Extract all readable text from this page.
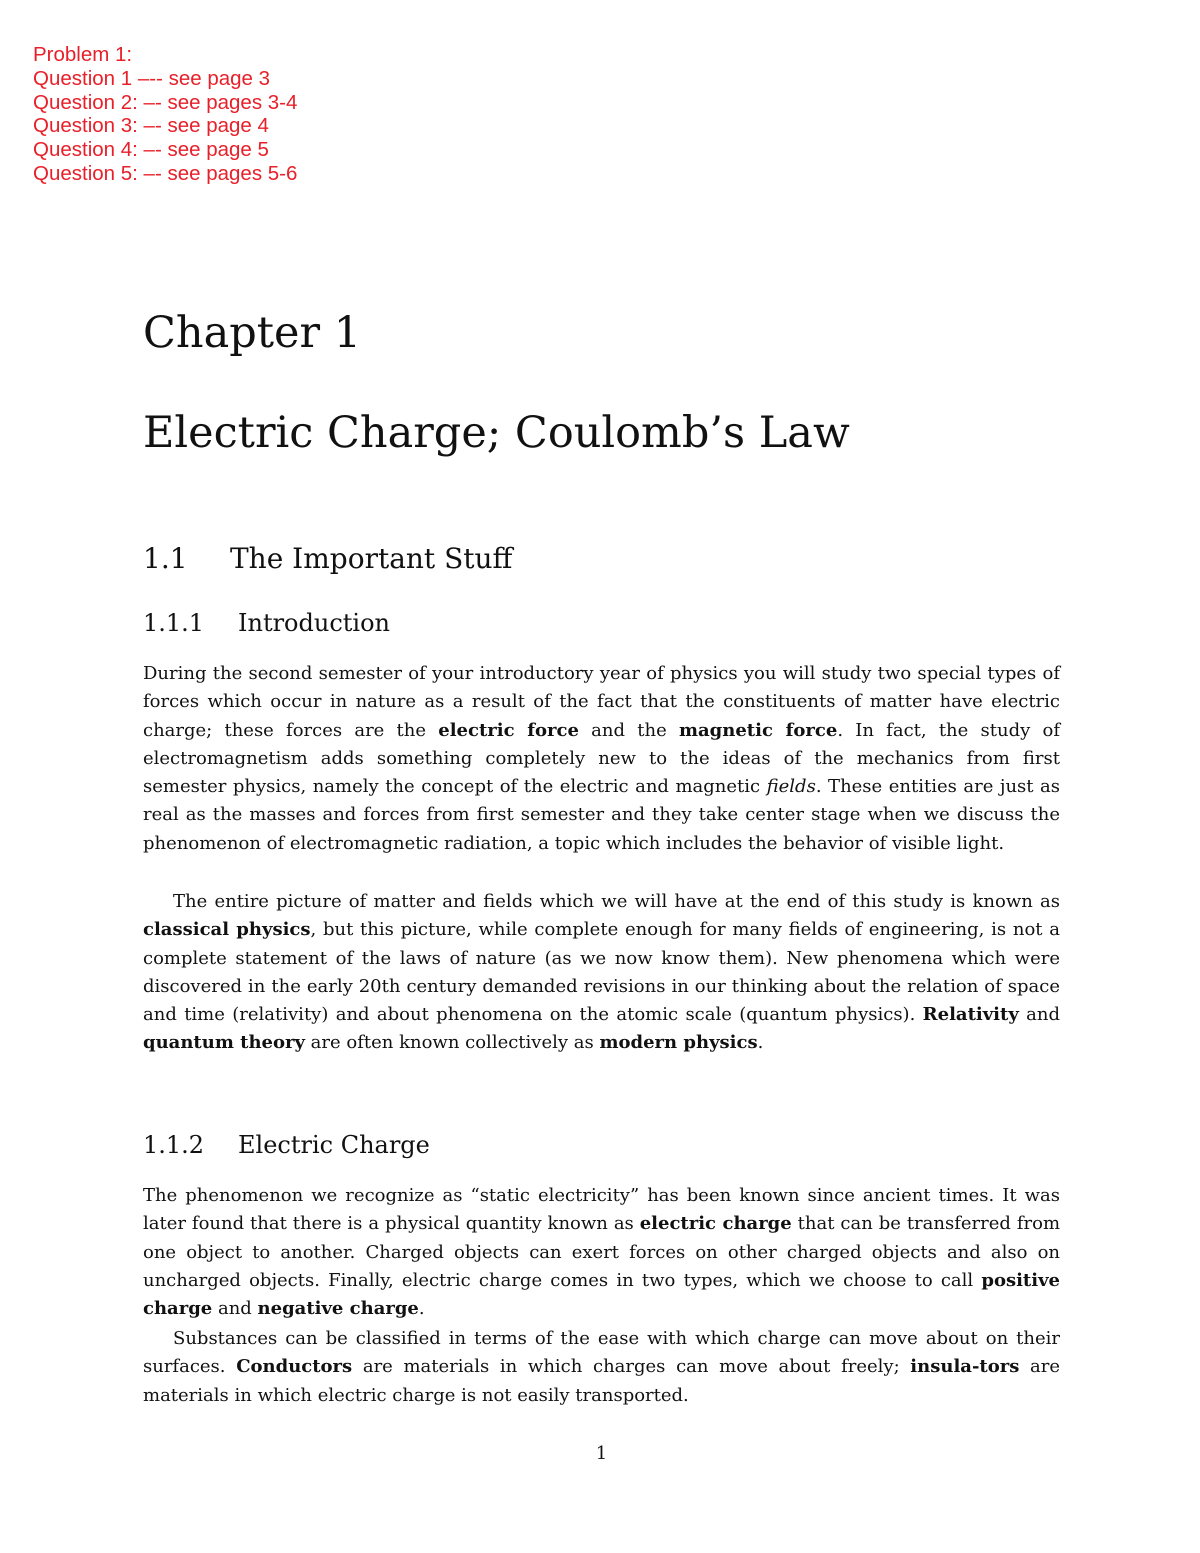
Problem 1:
Question 1 –-- see page 3
Question 2: –- see pages 3-4
Question 3: –- see page 4
Question 4: –- see page 5
Question 5: –- see pages 5-6
Chapter 1
Electric Charge; Coulomb’s Law
1.1 The Important Stuff
1.1.1 Introduction

During the second semester of your introductory year of physics you will study two special types of forces which occur in nature as a result of the fact that the constituents of matter have electric charge; these forces are the electric force and the magnetic force. In fact, the study of electromagnetism adds something completely new to the ideas of the mechanics from first semester physics, namely the concept of the electric and magnetic fields. These entities are just as real as the masses and forces from first semester and they take center stage when we discuss the phenomenon of electromagnetic radiation, a topic which includes the behavior of visible light.

The entire picture of matter and fields which we will have at the end of this study is known as classical physics, but this picture, while complete enough for many fields of engineering, is not a complete statement of the laws of nature (as we now know them). New phenomena which were discovered in the early 20th century demanded revisions in our thinking about the relation of space and time (relativity) and about phenomena on the atomic scale (quantum physics). Relativity and quantum theory are often known collectively as modern physics.

1.1.2 Electric Charge

The phenomenon we recognize as “static electricity” has been known since ancient times. It was later found that there is a physical quantity known as electric charge that can be transferred from one object to another. Charged objects can exert forces on other charged objects and also on uncharged objects. Finally, electric charge comes in two types, which we choose to call positive charge and negative charge.

Substances can be classified in terms of the ease with which charge can move about on their surfaces. Conductors are materials in which charges can move about freely; insula-tors are materials in which electric charge is not easily transported.

1
